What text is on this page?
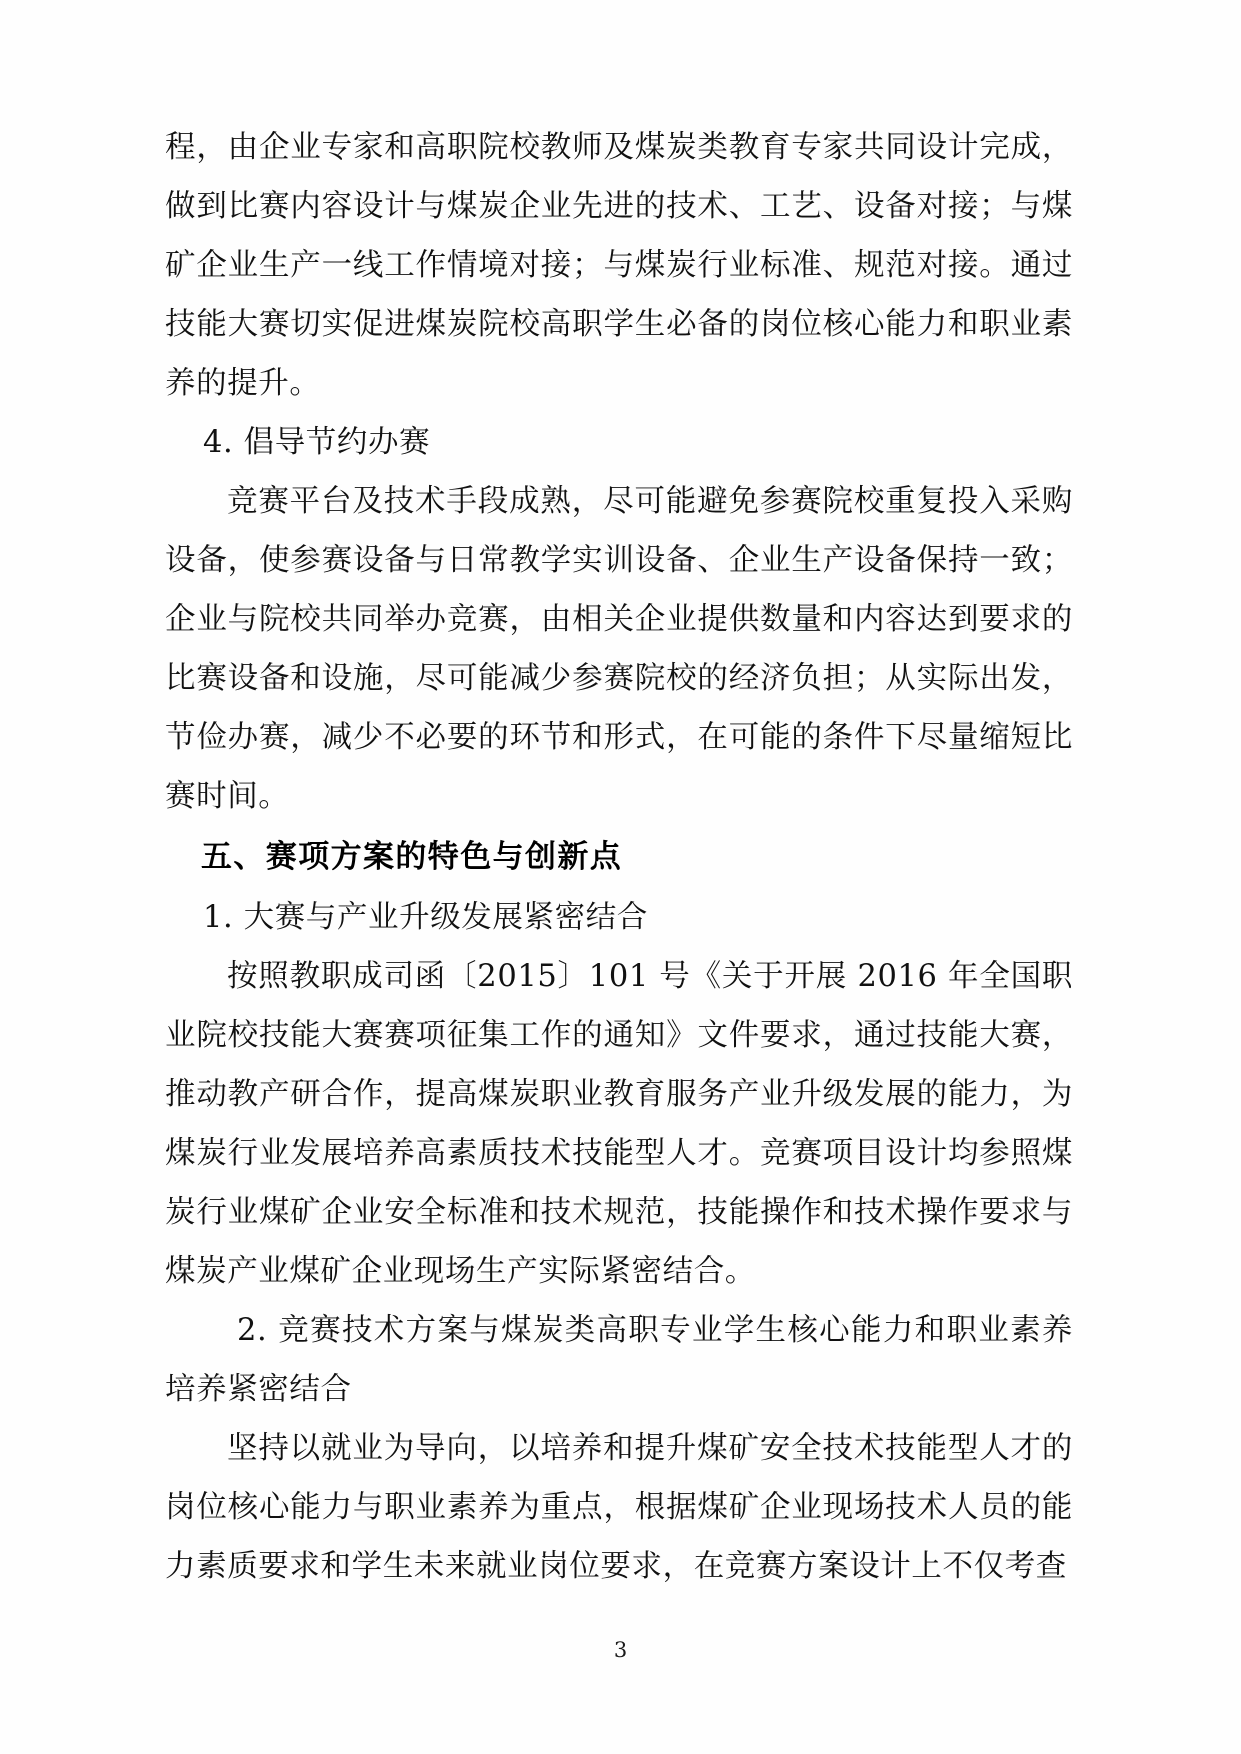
程，由企业专家和高职院校教师及煤炭类教育专家共同设计完成，做到比赛内容设计与煤炭企业先进的技术、工艺、设备对接；与煤矿企业生产一线工作情境对接；与煤炭行业标准、规范对接。通过技能大赛切实促进煤炭院校高职学生必备的岗位核心能力和职业素养的提升。

4. 倡导节约办赛

竞赛平台及技术手段成熟，尽可能避免参赛院校重复投入采购设备，使参赛设备与日常教学实训设备、企业生产设备保持一致；企业与院校共同举办竞赛，由相关企业提供数量和内容达到要求的比赛设备和设施，尽可能减少参赛院校的经济负担；从实际出发，节俭办赛，减少不必要的环节和形式，在可能的条件下尽量缩短比赛时间。

五、赛项方案的特色与创新点

1. 大赛与产业升级发展紧密结合

按照教职成司函〔2015〕101 号《关于开展 2016 年全国职业院校技能大赛赛项征集工作的通知》文件要求，通过技能大赛，推动教产研合作，提高煤炭职业教育服务产业升级发展的能力，为煤炭行业发展培养高素质技术技能型人才。竞赛项目设计均参照煤炭行业煤矿企业安全标准和技术规范，技能操作和技术操作要求与煤炭产业煤矿企业现场生产实际紧密结合。

2. 竞赛技术方案与煤炭类高职专业学生核心能力和职业素养培养紧密结合

坚持以就业为导向，以培养和提升煤矿安全技术技能型人才的岗位核心能力与职业素养为重点，根据煤矿企业现场技术人员的能力素质要求和学生未来就业岗位要求，在竞赛方案设计上不仅考查

3
